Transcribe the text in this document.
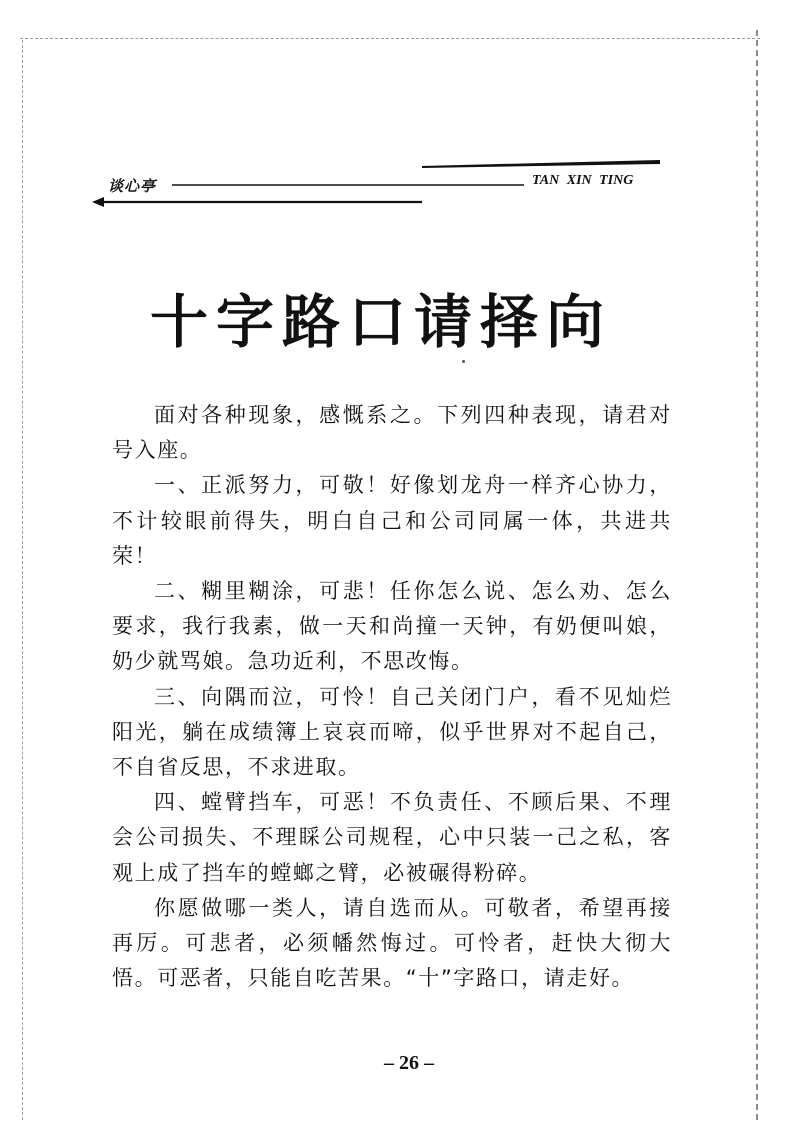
谈心亭	TAN XIN TING
十字路口请择向

面对各种现象，感慨系之。下列四种表现，请君对号入座。

一、正派努力，可敬！好像划龙舟一样齐心协力，不计较眼前得失，明白自己和公司同属一体，共进共荣！

二、糊里糊涂，可悲！任你怎么说、怎么劝、怎么要求，我行我素，做一天和尚撞一天钟，有奶便叫娘，奶少就骂娘。急功近利，不思改悔。

三、向隅而泣，可怜！自己关闭门户，看不见灿烂阳光，躺在成绩簿上哀哀而啼，似乎世界对不起自己，不自省反思，不求进取。

四、螳臂挡车，可恶！不负责任、不顾后果、不理会公司损失、不理睬公司规程，心中只装一己之私，客观上成了挡车的螳螂之臂，必被碾得粉碎。

你愿做哪一类人，请自选而从。可敬者，希望再接再厉。可悲者，必须幡然悔过。可怜者，赶快大彻大悟。可恶者，只能自吃苦果。“十”字路口，请走好。

– 26 –
